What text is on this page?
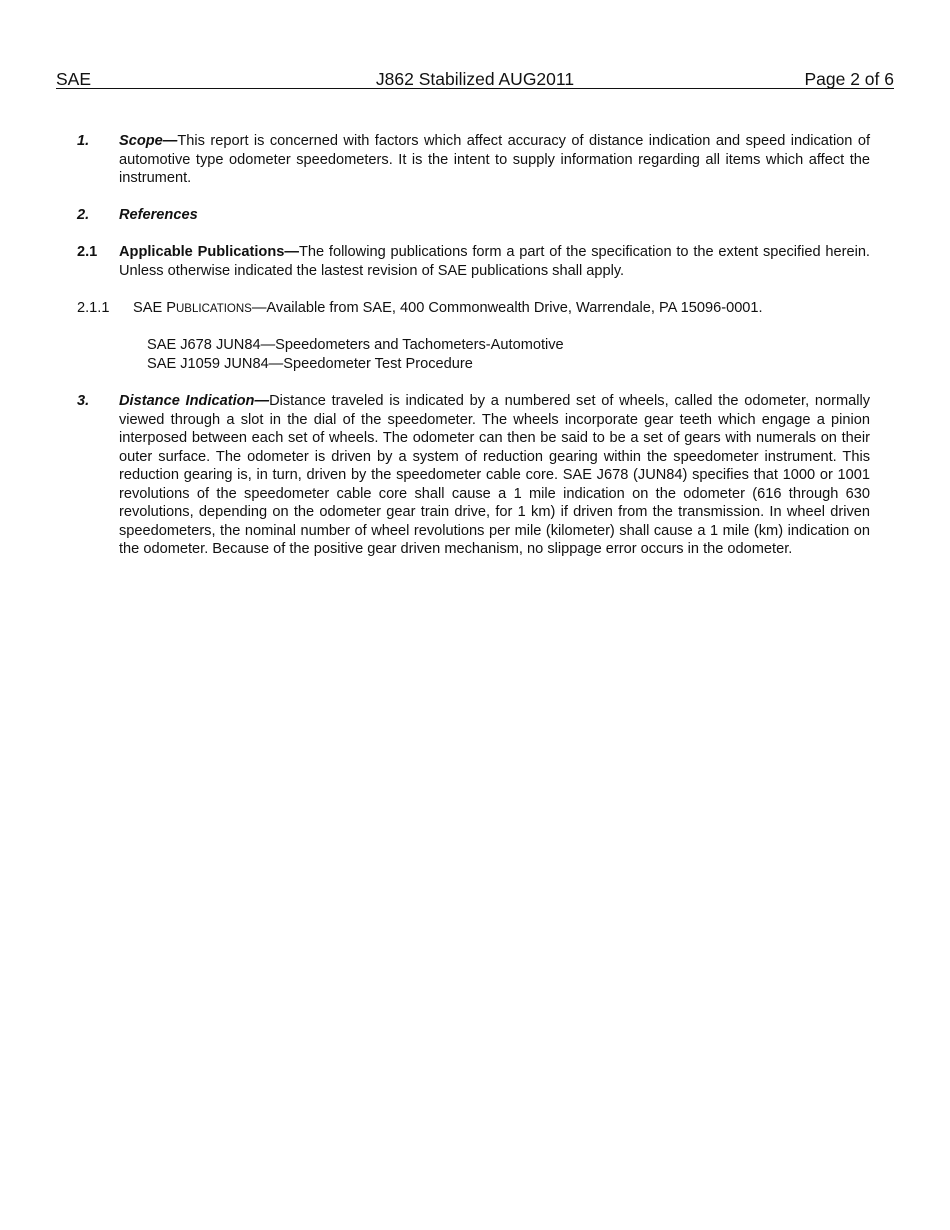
SAE	J862 Stabilized AUG2011	Page 2 of 6
1. Scope—This report is concerned with factors which affect accuracy of distance indication and speed indication of automotive type odometer speedometers. It is the intent to supply information regarding all items which affect the instrument.
2. References
2.1 Applicable Publications—The following publications form a part of the specification to the extent specified herein. Unless otherwise indicated the lastest revision of SAE publications shall apply.
2.1.1 SAE PUBLICATIONS—Available from SAE, 400 Commonwealth Drive, Warrendale, PA 15096-0001.
SAE J678 JUN84—Speedometers and Tachometers-Automotive
SAE J1059 JUN84—Speedometer Test Procedure
3. Distance Indication—Distance traveled is indicated by a numbered set of wheels, called the odometer, normally viewed through a slot in the dial of the speedometer. The wheels incorporate gear teeth which engage a pinion interposed between each set of wheels. The odometer can then be said to be a set of gears with numerals on their outer surface. The odometer is driven by a system of reduction gearing within the speedometer instrument. This reduction gearing is, in turn, driven by the speedometer cable core. SAE J678 (JUN84) specifies that 1000 or 1001 revolutions of the speedometer cable core shall cause a 1 mile indication on the odometer (616 through 630 revolutions, depending on the odometer gear train drive, for 1 km) if driven from the transmission. In wheel driven speedometers, the nominal number of wheel revolutions per mile (kilometer) shall cause a 1 mile (km) indication on the odometer. Because of the positive gear driven mechanism, no slippage error occurs in the odometer.
